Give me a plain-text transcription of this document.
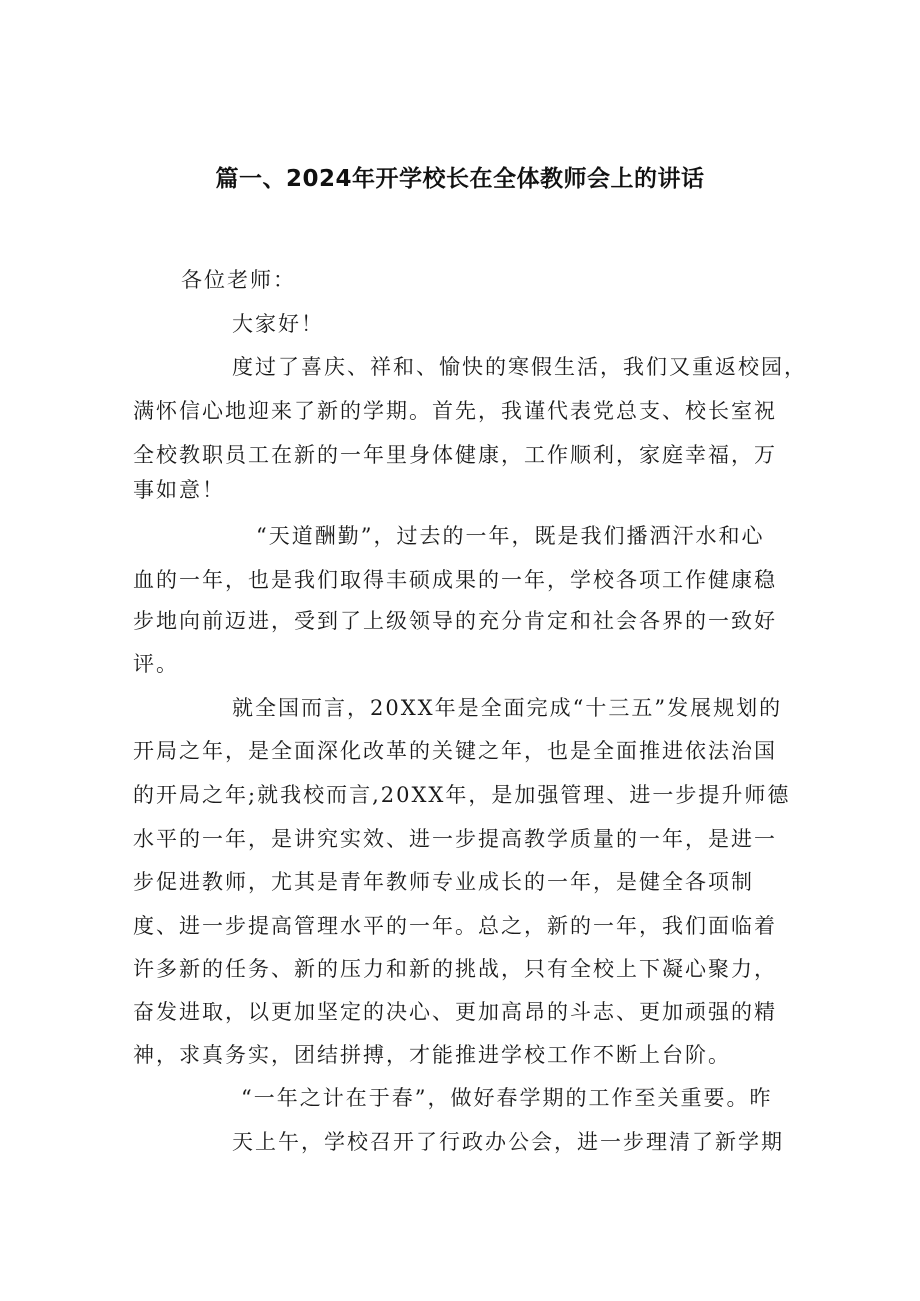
篇一、2024年开学校长在全体教师会上的讲话
各位老师：
大家好！
度过了喜庆、祥和、愉快的寒假生活，我们又重返校园，
满怀信心地迎来了新的学期。首先，我谨代表党总支、校长室祝
全校教职员工在新的一年里身体健康，工作顺利，家庭幸福，万
事如意！
“天道酬勤”，过去的一年，既是我们播洒汗水和心
血的一年，也是我们取得丰硕成果的一年，学校各项工作健康稳
步地向前迈进，受到了上级领导的充分肯定和社会各界的一致好
评。
就全国而言，20XX年是全面完成“十三五”发展规划的
开局之年，是全面深化改革的关键之年，也是全面推进依法治国
的开局之年;就我校而言,20XX年，是加强管理、进一步提升师德
水平的一年，是讲究实效、进一步提高教学质量的一年，是进一
步促进教师，尤其是青年教师专业成长的一年，是健全各项制
度、进一步提高管理水平的一年。总之，新的一年，我们面临着
许多新的任务、新的压力和新的挑战，只有全校上下凝心聚力，
奋发进取，以更加坚定的决心、更加高昂的斗志、更加顽强的精
神，求真务实，团结拼搏，才能推进学校工作不断上台阶。
“一年之计在于春”，做好春学期的工作至关重要。昨
天上午，学校召开了行政办公会，进一步理清了新学期
